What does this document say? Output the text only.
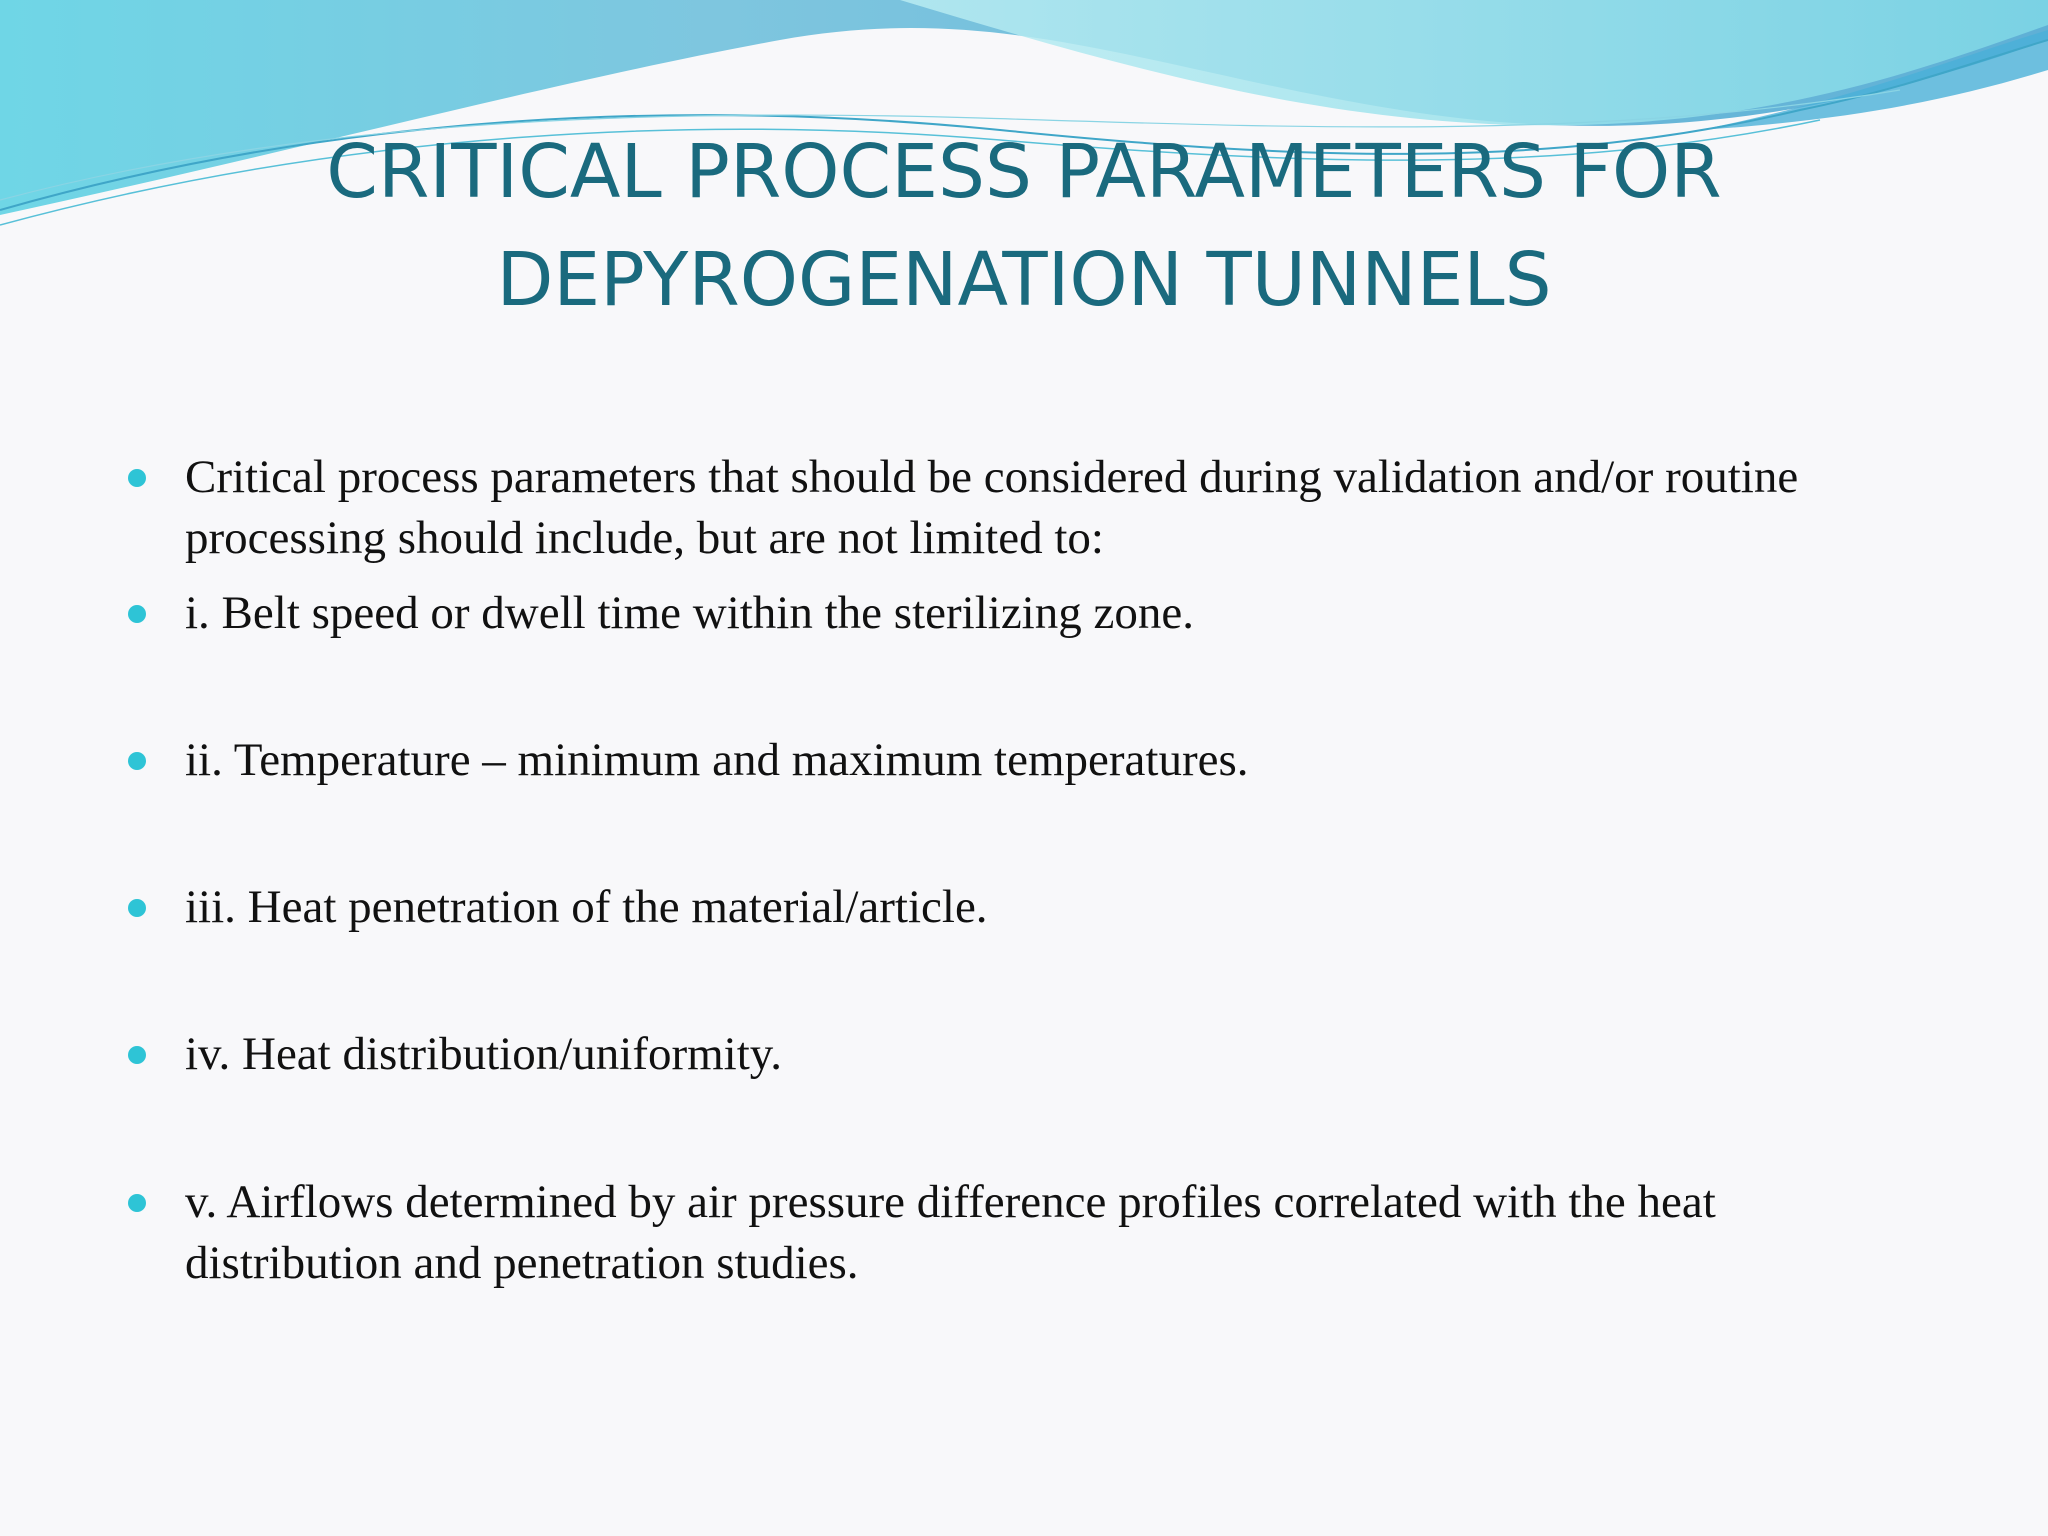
CRITICAL PROCESS PARAMETERS FOR
DEPYROGENATION TUNNELS
Critical process parameters that should be considered during validation and/or routine processing should include, but are not limited to:
i. Belt speed or dwell time within the sterilizing zone.
ii. Temperature – minimum and maximum temperatures.
iii. Heat penetration of the material/article.
iv. Heat distribution/uniformity.
v. Airflows determined by air pressure difference profiles correlated with the heat distribution and penetration studies.
